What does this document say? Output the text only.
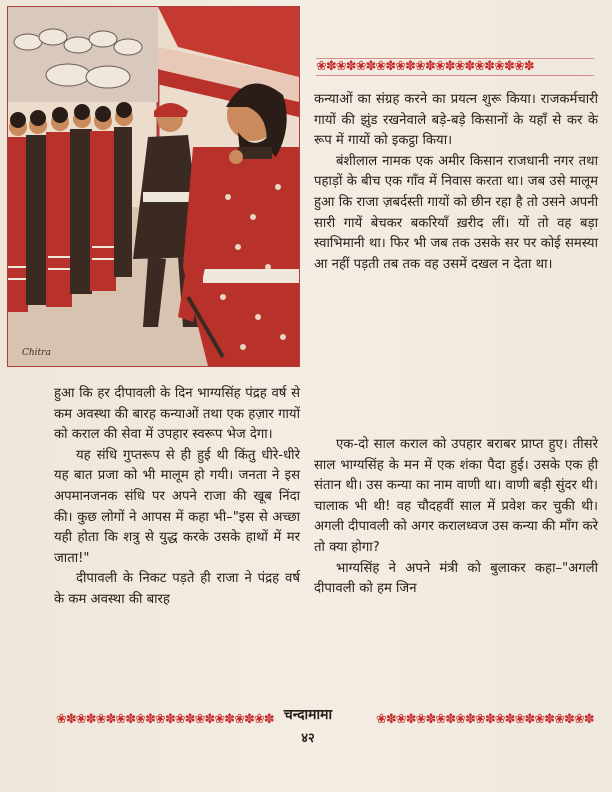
Chitra
❀✽❀✽❀✽❀✽❀✽❀✽❀✽❀✽❀✽❀✽❀✽

कन्याओं का संग्रह करने का प्रयत्न शुरू किया। राजकर्मचारी गायों की झुंड रखनेवाले बड़े-बड़े किसानों के यहाँ से कर के रूप में गायों को इकट्ठा किया।

बंशीलाल नामक एक अमीर किसान राजधानी नगर तथा पहाड़ों के बीच एक गाँव में निवास करता था। जब उसे मालूम हुआ कि राजा ज़बर्दस्ती गायों को छीन रहा है तो उसने अपनी सारी गायें बेचकर बकरियाँ ख़रीद लीं। यों तो वह बड़ा स्वाभिमानी था। फिर भी जब तक उसके सर पर कोई समस्या आ नहीं पड़ती तब तक वह उसमें दखल न देता था।

हुआ कि हर दीपावली के दिन भाग्यसिंह पंद्रह वर्ष से कम अवस्था की बारह कन्याओं तथा एक हज़ार गायों को कराल की सेवा में उपहार स्वरूप भेज देगा।

यह संधि गुप्तरूप से ही हुई थी किंतु धीरे-धीरे यह बात प्रजा को भी मालूम हो गयी। जनता ने इस अपमानजनक संधि पर अपने राजा की खूब निंदा की। कुछ लोगों ने आपस में कहा भी–"इस से अच्छा यही होता कि शत्रु से युद्ध करके उसके हाथों में मर जाता!"

दीपावली के निकट पड़ते ही राजा ने पंद्रह वर्ष के कम अवस्था की बारह

एक-दो साल कराल को उपहार बराबर प्राप्त हुए। तीसरे साल भाग्यसिंह के मन में एक शंका पैदा हुई। उसके एक ही संतान थी। उस कन्या का नाम वाणी था। वाणी बड़ी सुंदर थी। चालाक भी थी! वह चौदहवीं साल में प्रवेश कर चुकी थी। अगली दीपावली को अगर करालध्वज उस कन्या की माँग करे तो क्या होगा?

भाग्यसिंह ने अपने मंत्री को बुलाकर कहा–"अगली दीपावली को हम जिन

❀✽❀✽❀✽❀✽❀✽❀✽❀✽❀✽❀✽❀✽❀✽ चन्दामामा	❀✽❀✽❀✽❀✽❀✽❀✽❀✽❀✽❀✽❀✽❀✽
४२
